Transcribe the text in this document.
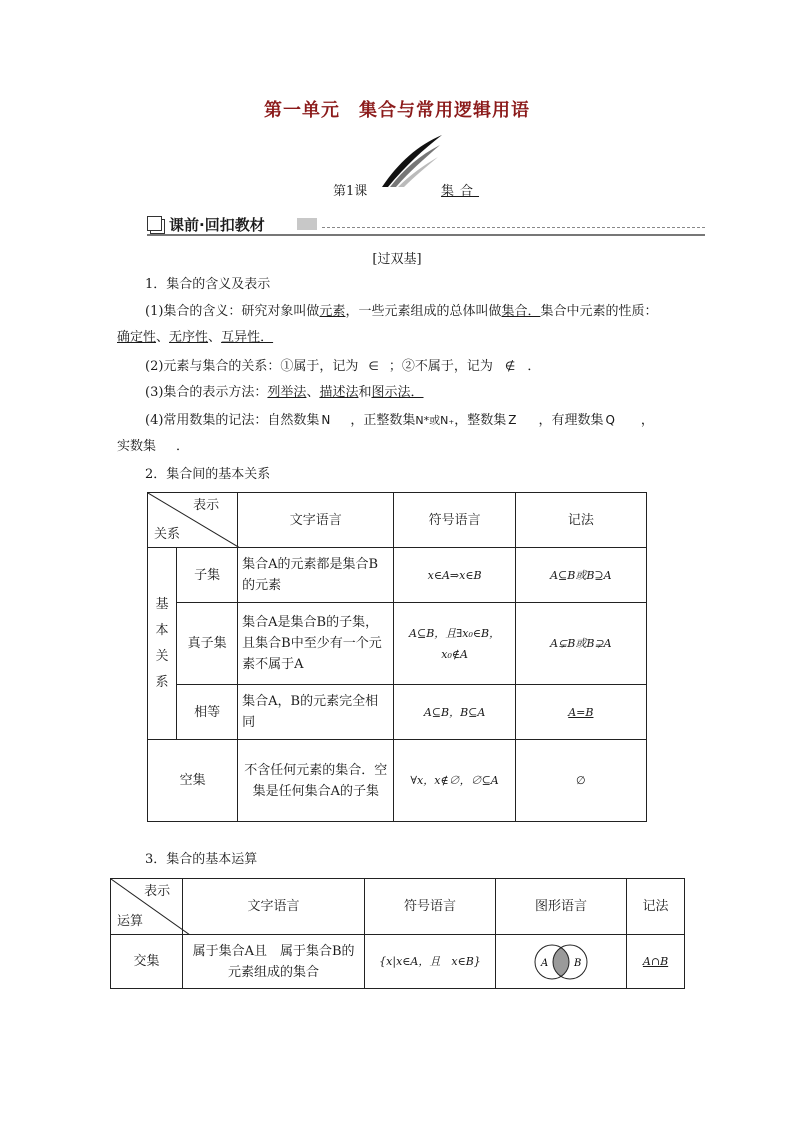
第一单元　集合与常用逻辑用语
第1课	集合
课前·回扣教材
[过双基]
1．集合的含义及表示
(1)集合的含义：研究对象叫做元素，一些元素组成的总体叫做集合．集合中元素的性质：
确定性、无序性、互异性．
(2)元素与集合的关系：①属于，记为 ∈ ；②不属于，记为 ∉ ．
(3)集合的表示方法：列举法、描述法和图示法．
(4)常用数集的记法：自然数集 N ，正整数集N*或N₊，整数集 Z ，有理数集 Q ，
实数集 ．
2．集合间的基本关系
表示
关系		文字语言	符号语言	记法

基本关系	子集	集合A的元素都是集合B的元素	x∈A⇒x∈B	A⊆B或B⊇A
	真子集	集合A是集合B的子集，且集合B中至少有一个元素不属于A	A⊆B，且∃x₀∈B，x₀∉A	A⊊B或B⊋A
	相等	集合A，B的元素完全相同	A⊆B，B⊆A	A=B
空集		不含任何元素的集合．空集是任何集合A的子集	∀x，x∉∅，∅⊆A	∅
3．集合的基本运算
表示
运算	文字语言	符号语言	图形语言	记法
交集	属于集合A且　属于集合B的元素组成的集合	{x|x∈A，且　x∈B}	A B	A∩B
